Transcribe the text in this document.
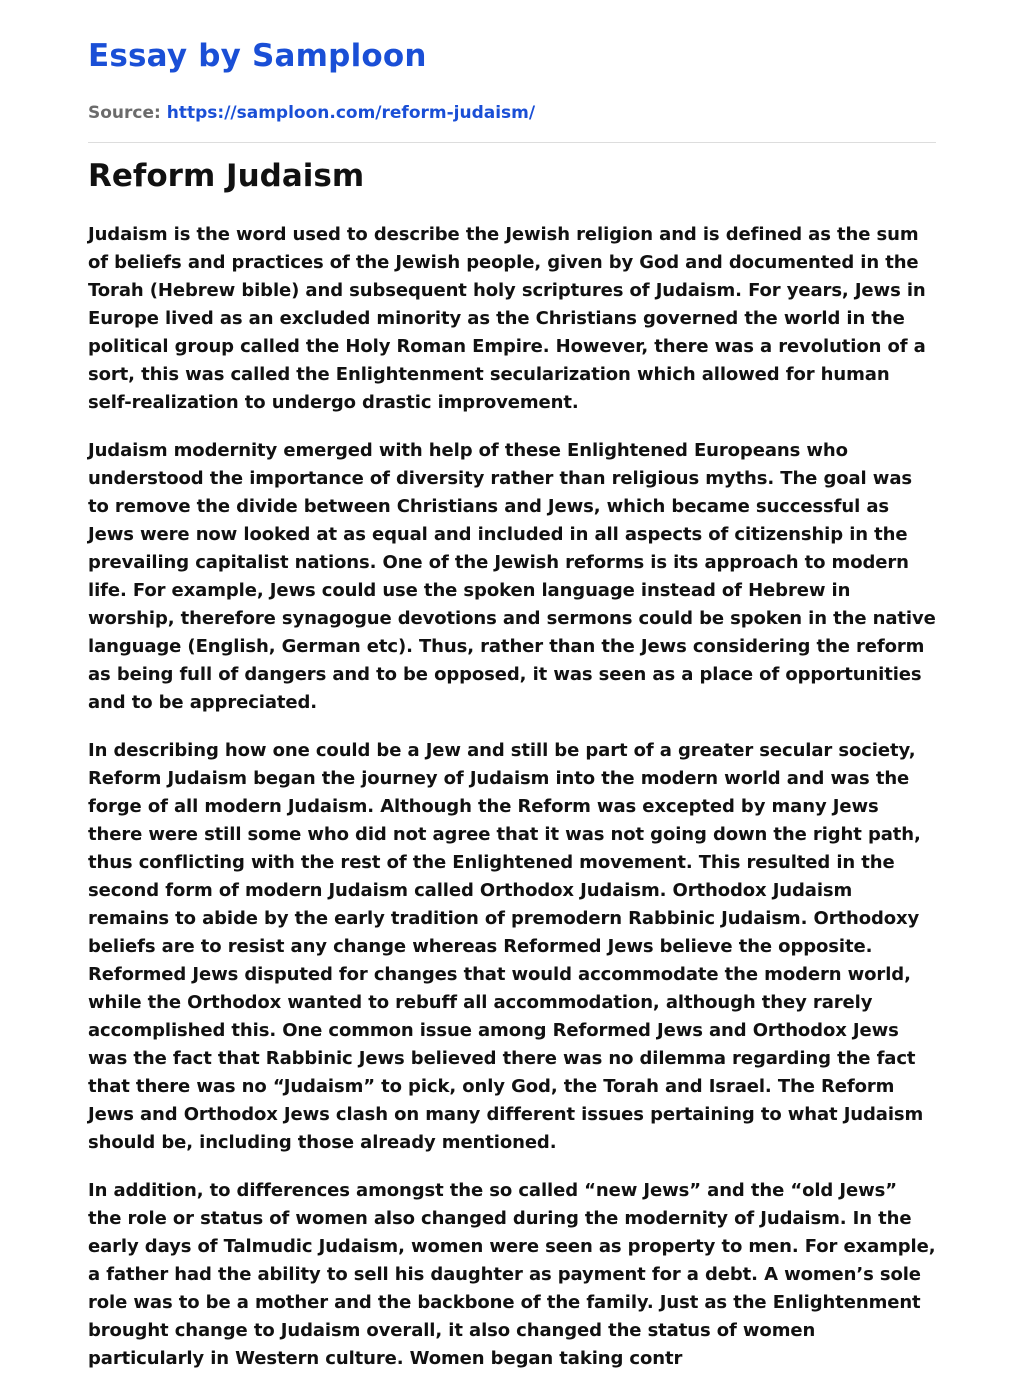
Essay by Samploon
Source: https://samploon.com/reform-judaism/
Reform Judaism

Judaism is the word used to describe the Jewish religion and is defined as the sum of beliefs and practices of the Jewish people, given by God and documented in the Torah (Hebrew bible) and subsequent holy scriptures of Judaism. For years, Jews in Europe lived as an excluded minority as the Christians governed the world in the political group called the Holy Roman Empire. However, there was a revolution of a sort, this was called the Enlightenment secularization which allowed for human self-realization to undergo drastic improvement.

Judaism modernity emerged with help of these Enlightened Europeans who understood the importance of diversity rather than religious myths. The goal was to remove the divide between Christians and Jews, which became successful as Jews were now looked at as equal and included in all aspects of citizenship in the prevailing capitalist nations. One of the Jewish reforms is its approach to modern life. For example, Jews could use the spoken language instead of Hebrew in worship, therefore synagogue devotions and sermons could be spoken in the native language (English, German etc). Thus, rather than the Jews considering the reform as being full of dangers and to be opposed, it was seen as a place of opportunities and to be appreciated.

In describing how one could be a Jew and still be part of a greater secular society, Reform Judaism began the journey of Judaism into the modern world and was the forge of all modern Judaism. Although the Reform was excepted by many Jews there were still some who did not agree that it was not going down the right path, thus conflicting with the rest of the Enlightened movement. This resulted in the second form of modern Judaism called Orthodox Judaism. Orthodox Judaism remains to abide by the early tradition of premodern Rabbinic Judaism. Orthodoxy beliefs are to resist any change whereas Reformed Jews believe the opposite. Reformed Jews disputed for changes that would accommodate the modern world, while the Orthodox wanted to rebuff all accommodation, although they rarely accomplished this. One common issue among Reformed Jews and Orthodox Jews was the fact that Rabbinic Jews believed there was no dilemma regarding the fact that there was no “Judaism” to pick, only God, the Torah and Israel. The Reform Jews and Orthodox Jews clash on many different issues pertaining to what Judaism should be, including those already mentioned.

In addition, to differences amongst the so called “new Jews” and the “old Jews” the role or status of women also changed during the modernity of Judaism. In the early days of Talmudic Judaism, women were seen as property to men. For example, a father had the ability to sell his daughter as payment for a debt. A women’s sole role was to be a mother and the backbone of the family. Just as the Enlightenment brought change to Judaism overall, it also changed the status of women particularly in Western culture. Women began taking contr
